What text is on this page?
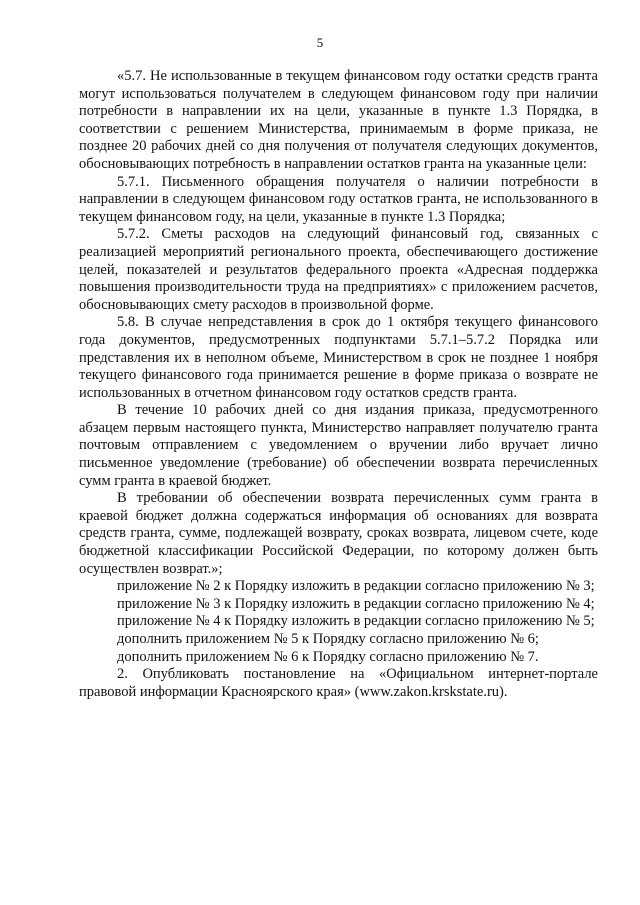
5

«5.7. Не использованные в текущем финансовом году остатки средств гранта могут использоваться получателем в следующем финансовом году при наличии потребности в направлении их на цели, указанные в пункте 1.3 Порядка, в соответствии с решением Министерства, принимаемым в форме приказа, не позднее 20 рабочих дней со дня получения от получателя следующих документов, обосновывающих потребность в направлении остатков гранта на указанные цели:

5.7.1. Письменного обращения получателя о наличии потребности в направлении в следующем финансовом году остатков гранта, не использованного в текущем финансовом году, на цели, указанные в пункте 1.3 Порядка;

5.7.2. Сметы расходов на следующий финансовый год, связанных с реализацией мероприятий регионального проекта, обеспечивающего достижение целей, показателей и результатов федерального проекта «Адресная поддержка повышения производительности труда на предприятиях» с приложением расчетов, обосновывающих смету расходов в произвольной форме.

5.8. В случае непредставления в срок до 1 октября текущего финансового года документов, предусмотренных подпунктами 5.7.1–5.7.2 Порядка или представления их в неполном объеме, Министерством в срок не позднее 1 ноября текущего финансового года принимается решение в форме приказа о возврате не использованных в отчетном финансовом году остатков средств гранта.

В течение 10 рабочих дней со дня издания приказа, предусмотренного абзацем первым настоящего пункта, Министерство направляет получателю гранта почтовым отправлением с уведомлением о вручении либо вручает лично письменное уведомление (требование) об обеспечении возврата перечисленных сумм гранта в краевой бюджет.

В требовании об обеспечении возврата перечисленных сумм гранта в краевой бюджет должна содержаться информация об основаниях для возврата средств гранта, сумме, подлежащей возврату, сроках возврата, лицевом счете, коде бюджетной классификации Российской Федерации, по которому должен быть осуществлен возврат.»;

приложение № 2 к Порядку изложить в редакции согласно приложению № 3;

приложение № 3 к Порядку изложить в редакции согласно приложению № 4;

приложение № 4 к Порядку изложить в редакции согласно приложению № 5;

дополнить приложением № 5 к Порядку согласно приложению № 6;

дополнить приложением № 6 к Порядку согласно приложению № 7.

2. Опубликовать постановление на «Официальном интернет-портале правовой информации Красноярского края» (www.zakon.krskstate.ru).
